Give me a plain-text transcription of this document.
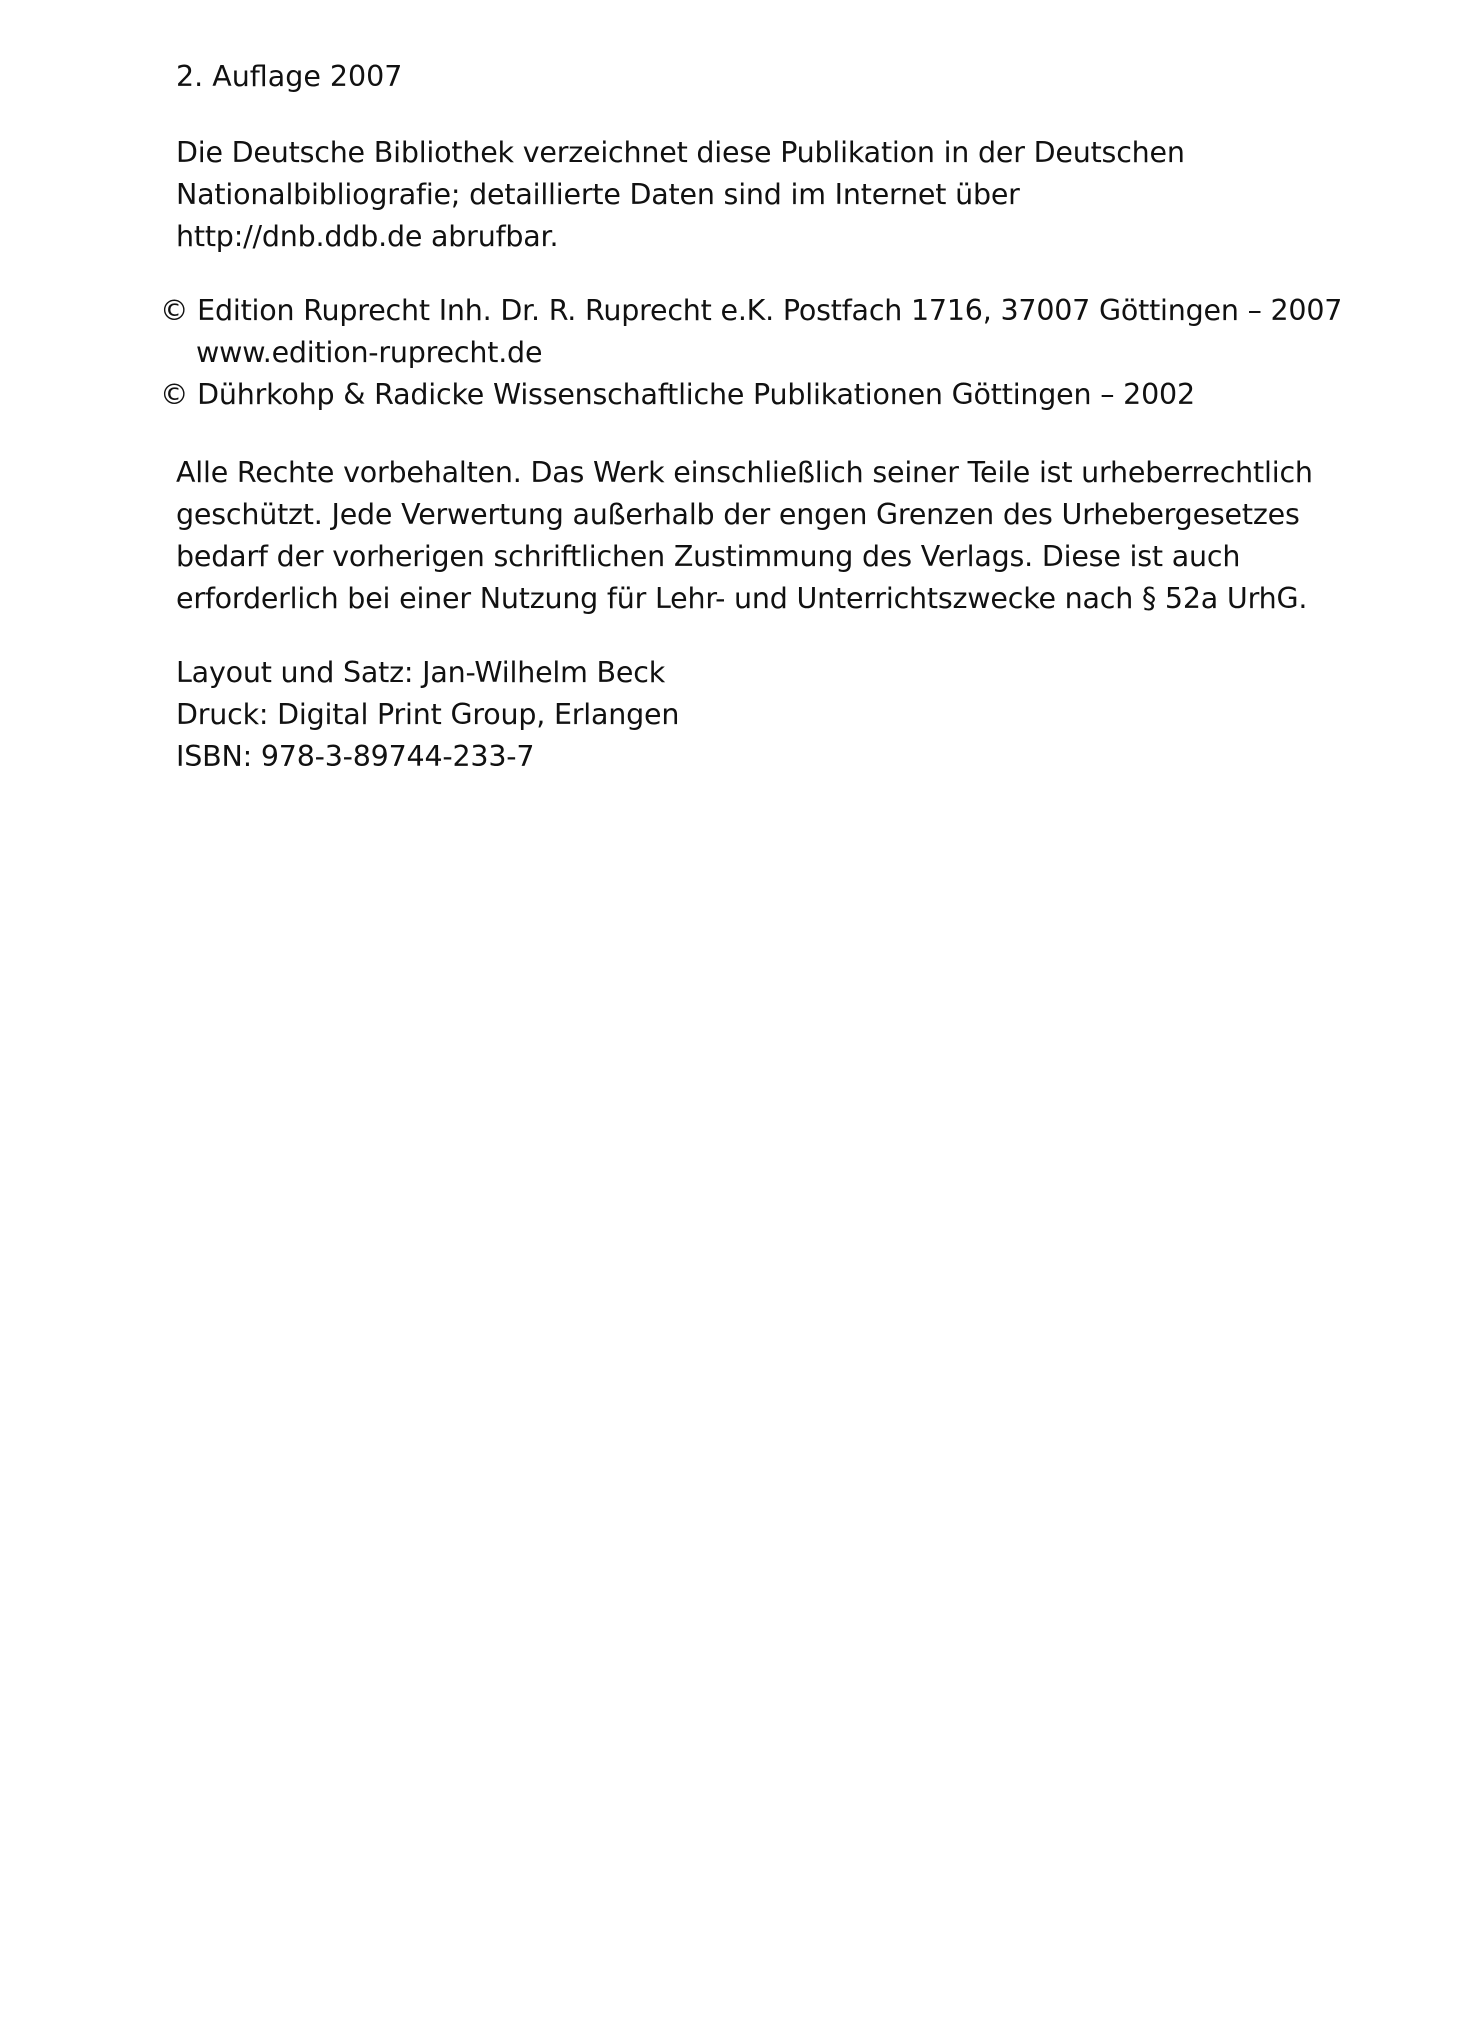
2. Auflage 2007
Die Deutsche Bibliothek verzeichnet diese Publikation in der Deutschen
Nationalbibliografie; detaillierte Daten sind im Internet über
http://dnb.ddb.de abrufbar.
© Edition Ruprecht Inh. Dr. R. Ruprecht e.K. Postfach 1716, 37007 Göttingen – 2007
www.edition-ruprecht.de
© Dührkohp & Radicke Wissenschaftliche Publikationen Göttingen – 2002
Alle Rechte vorbehalten. Das Werk einschließlich seiner Teile ist urheberrechtlich
geschützt. Jede Verwertung außerhalb der engen Grenzen des Urhebergesetzes
bedarf der vorherigen schriftlichen Zustimmung des Verlags. Diese ist auch
erforderlich bei einer Nutzung für Lehr- und Unterrichtszwecke nach § 52a UrhG.
Layout und Satz: Jan-Wilhelm Beck
Druck: Digital Print Group, Erlangen
ISBN: 978-3-89744-233-7
